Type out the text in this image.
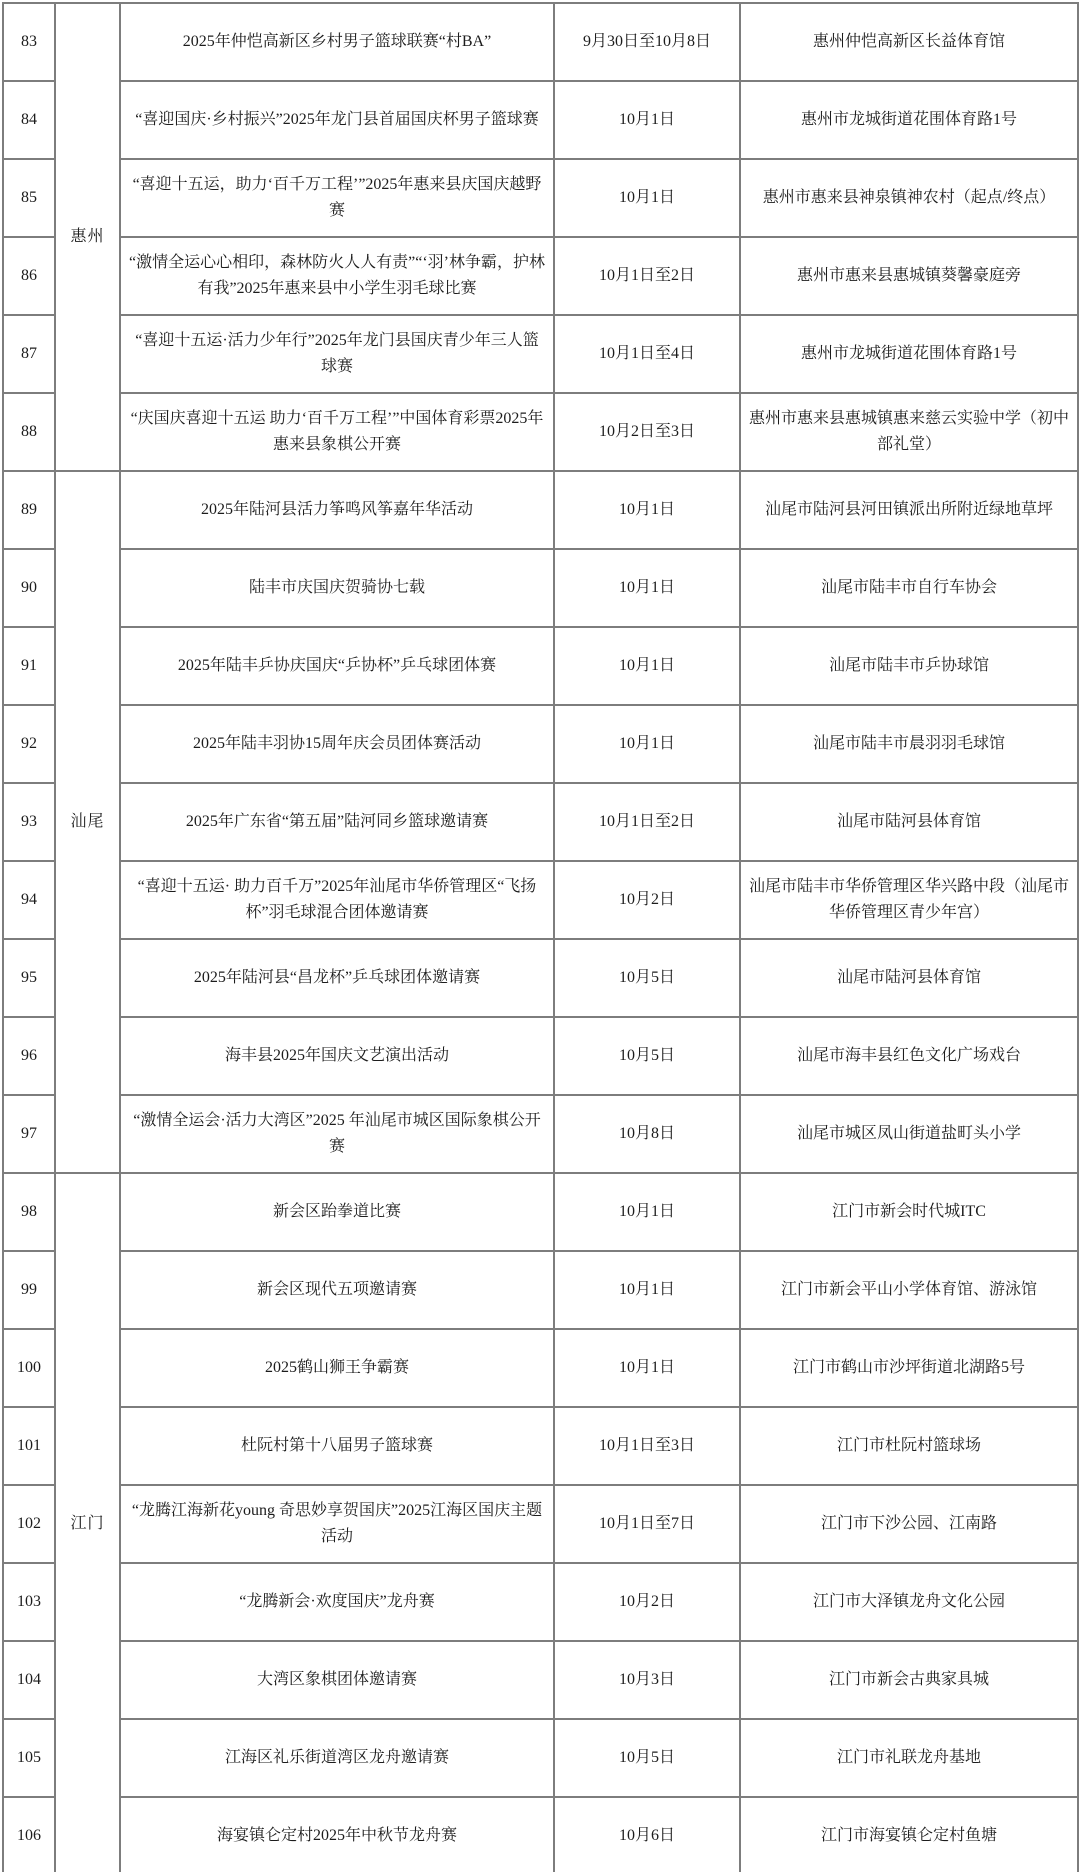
83	惠州	2025年仲恺高新区乡村男子篮球联赛“村BA”	9月30日至10月8日	惠州仲恺高新区长益体育馆
84		“喜迎国庆·乡村振兴”2025年龙门县首届国庆杯男子篮球赛	10月1日	惠州市龙城街道花围体育路1号
85		“喜迎十五运，助力‘百千万工程’”2025年惠来县庆国庆越野赛	10月1日	惠州市惠来县神泉镇神农村（起点/终点）
86		“激情全运心心相印，森林防火人人有责”“‘羽’林争霸，护林有我”2025年惠来县中小学生羽毛球比赛	10月1日至2日	惠州市惠来县惠城镇葵馨豪庭旁
87		“喜迎十五运·活力少年行”2025年龙门县国庆青少年三人篮球赛	10月1日至4日	惠州市龙城街道花围体育路1号
88		“庆国庆喜迎十五运 助力‘百千万工程’”中国体育彩票2025年惠来县象棋公开赛	10月2日至3日	惠州市惠来县惠城镇惠来慈云实验中学（初中部礼堂）
89	汕尾	2025年陆河县活力筝鸣风筝嘉年华活动	10月1日	汕尾市陆河县河田镇派出所附近绿地草坪
90		陆丰市庆国庆贺骑协七载	10月1日	汕尾市陆丰市自行车协会
91		2025年陆丰乒协庆国庆“乒协杯”乒乓球团体赛	10月1日	汕尾市陆丰市乒协球馆
92		2025年陆丰羽协15周年庆会员团体赛活动	10月1日	汕尾市陆丰市晨羽羽毛球馆
93		2025年广东省“第五届”陆河同乡篮球邀请赛	10月1日至2日	汕尾市陆河县体育馆
94		“喜迎十五运· 助力百千万”2025年汕尾市华侨管理区“飞扬杯”羽毛球混合团体邀请赛	10月2日	汕尾市陆丰市华侨管理区华兴路中段（汕尾市华侨管理区青少年宫）
95		2025年陆河县“昌龙杯”乒乓球团体邀请赛	10月5日	汕尾市陆河县体育馆
96		海丰县2025年国庆文艺演出活动	10月5日	汕尾市海丰县红色文化广场戏台
97		“激情全运会·活力大湾区”2025 年汕尾市城区国际象棋公开赛	10月8日	汕尾市城区凤山街道盐町头小学
98	江门	新会区跆拳道比赛	10月1日	江门市新会时代城ITC
99		新会区现代五项邀请赛	10月1日	江门市新会平山小学体育馆、游泳馆
100		2025鹤山狮王争霸赛	10月1日	江门市鹤山市沙坪街道北湖路5号
101		杜阮村第十八届男子篮球赛	10月1日至3日	江门市杜阮村篮球场
102		“龙腾江海新花young 奇思妙享贺国庆”2025江海区国庆主题活动	10月1日至7日	江门市下沙公园、江南路
103		“龙腾新会·欢度国庆”龙舟赛	10月2日	江门市大泽镇龙舟文化公园
104		大湾区象棋团体邀请赛	10月3日	江门市新会古典家具城
105		江海区礼乐街道湾区龙舟邀请赛	10月5日	江门市礼联龙舟基地
106		海宴镇仑定村2025年中秋节龙舟赛	10月6日	江门市海宴镇仑定村鱼塘
